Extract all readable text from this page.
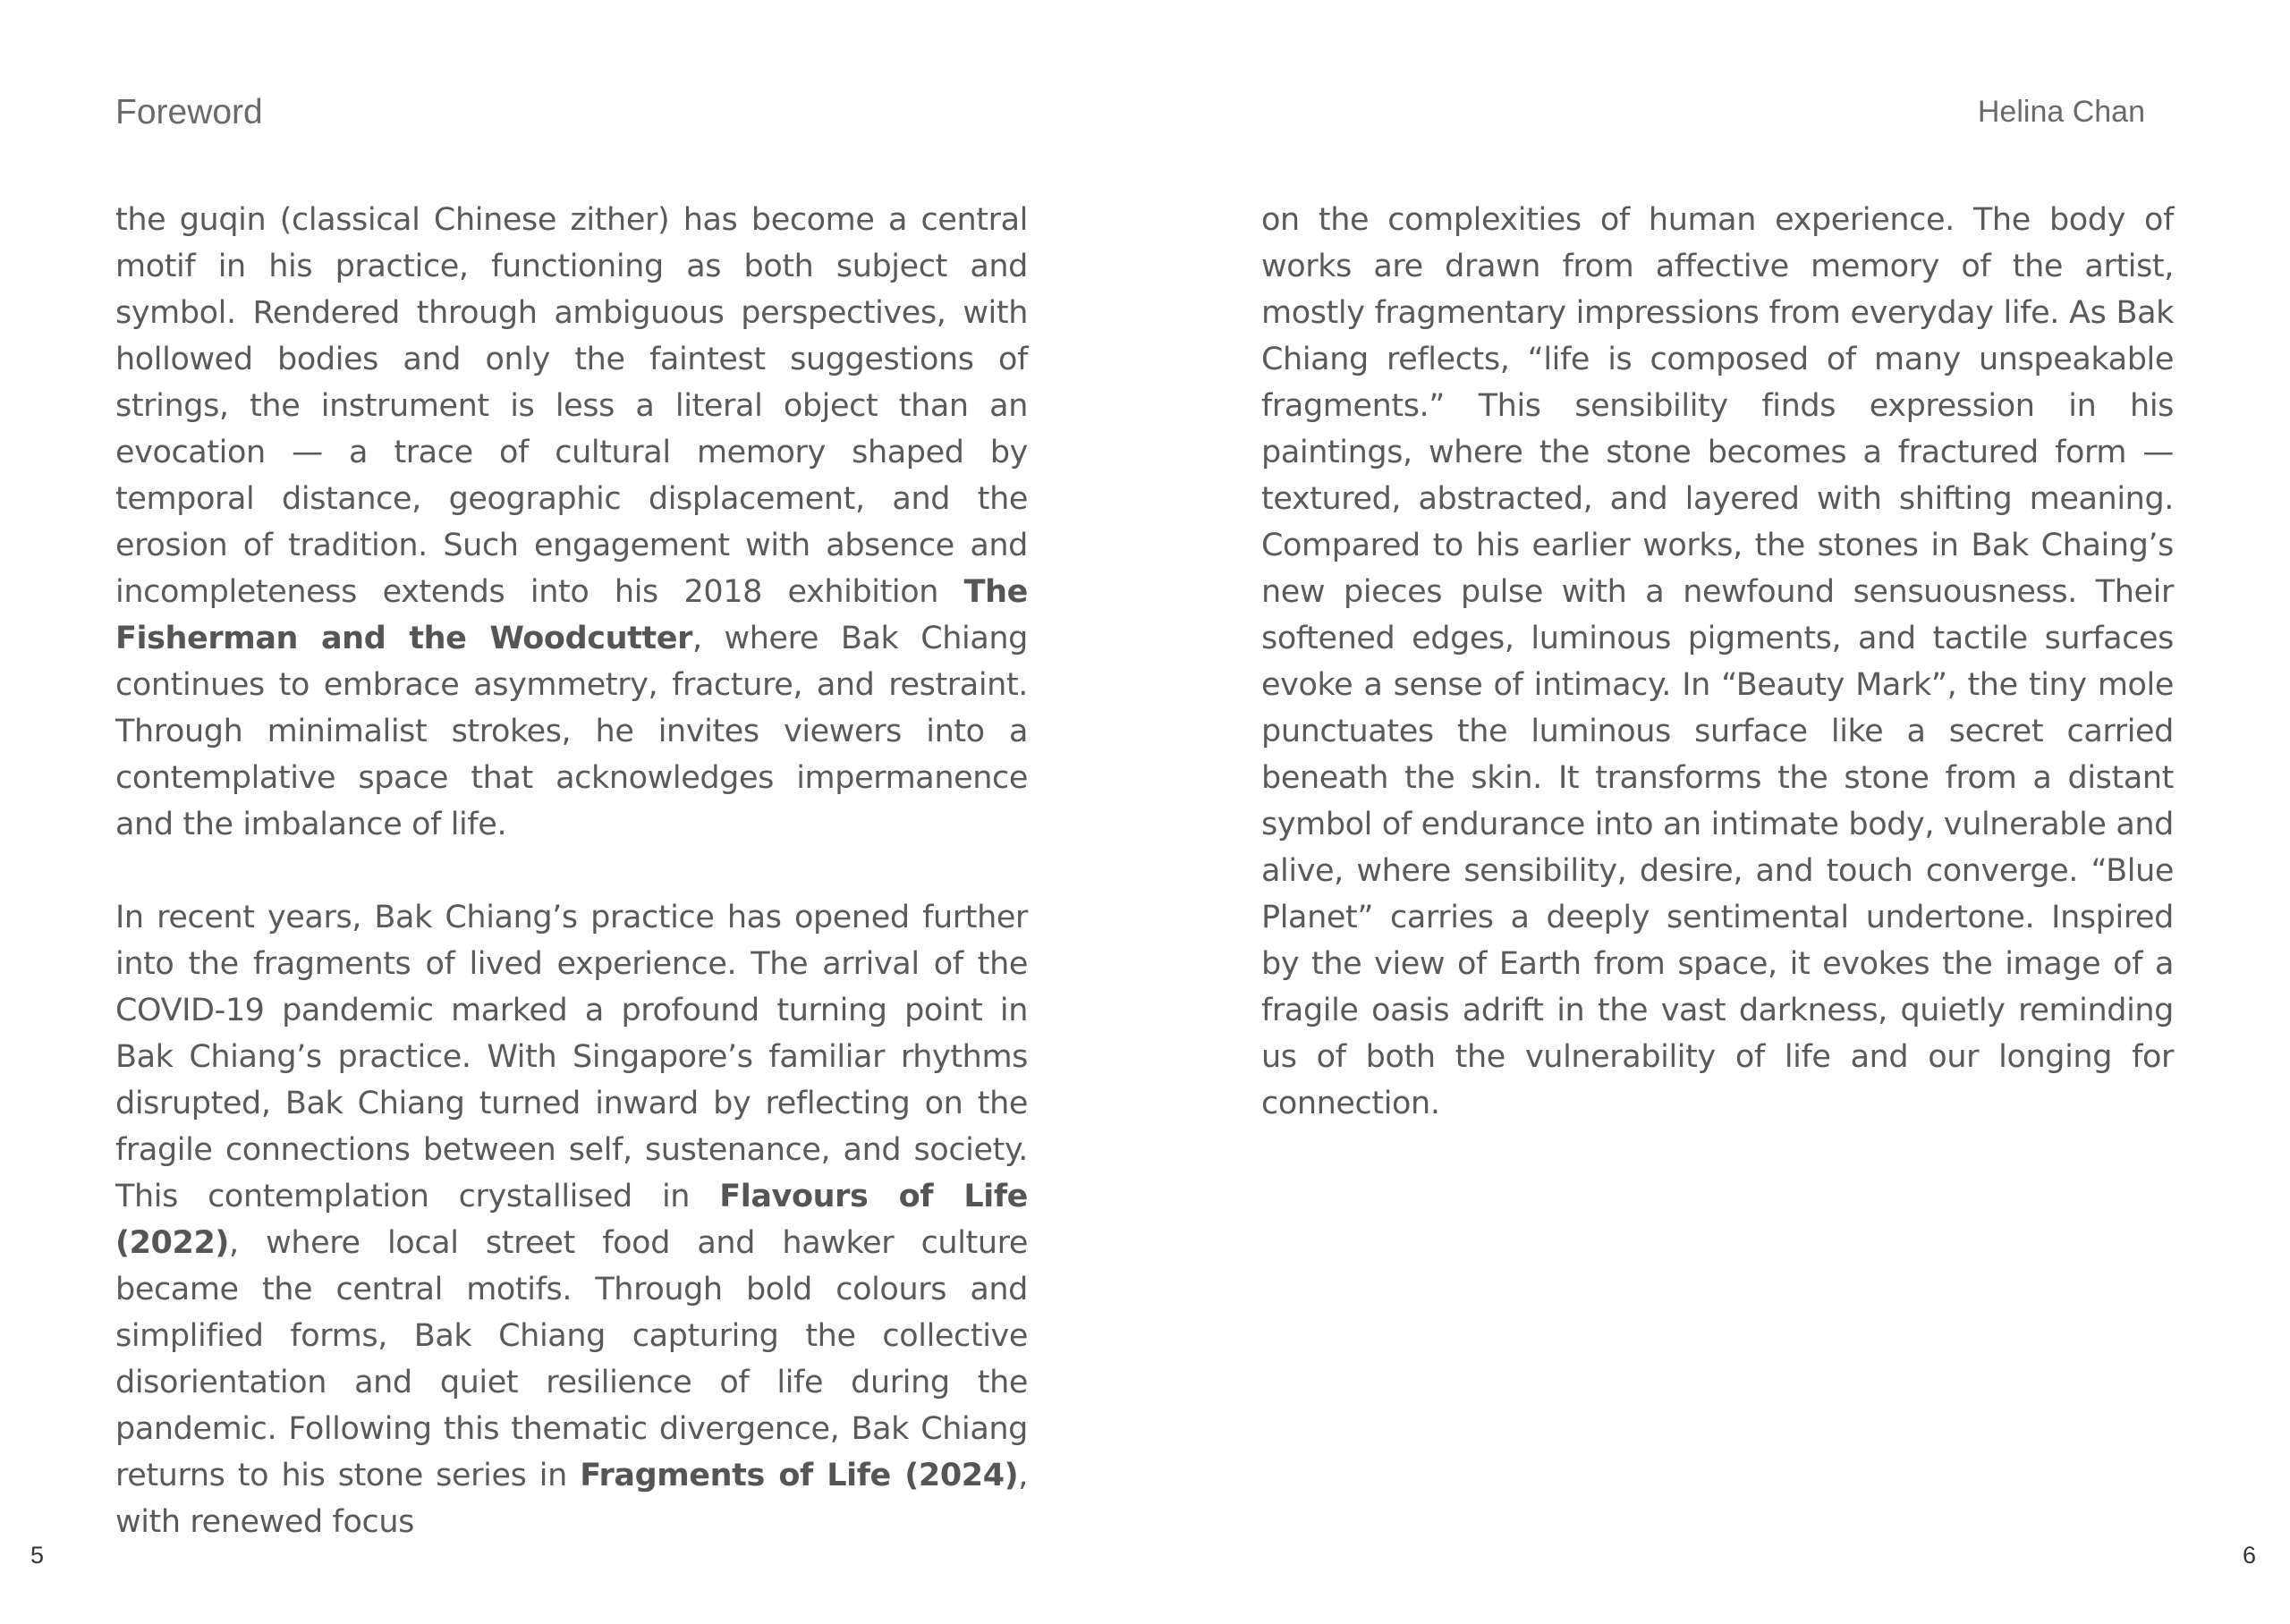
Foreword	Helina Chan

the guqin (classical Chinese zither) has become a central motif in his practice, functioning as both subject and symbol. Rendered through ambiguous perspectives, with hollowed bodies and only the faintest suggestions of strings, the instrument is less a literal object than an evocation — a trace of cultural memory shaped by temporal distance, geographic displacement, and the erosion of tradition. Such engagement with absence and incompleteness extends into his 2018 exhibition The Fisherman and the Woodcutter, where Bak Chiang continues to embrace asymmetry, fracture, and restraint. Through minimalist strokes, he invites viewers into a contemplative space that acknowledges impermanence and the imbalance of life.

In recent years, Bak Chiang’s practice has opened further into the fragments of lived experience. The arrival of the COVID-19 pandemic marked a profound turning point in Bak Chiang’s practice. With Singapore’s familiar rhythms disrupted, Bak Chiang turned inward by reflecting on the fragile connections between self, sustenance, and society. This contemplation crystallised in Flavours of Life (2022), where local street food and hawker culture became the central motifs. Through bold colours and simplified forms, Bak Chiang capturing the collective disorientation and quiet resilience of life during the pandemic. Following this thematic divergence, Bak Chiang returns to his stone series in Fragments of Life (2024), with renewed focus

on the complexities of human experience. The body of works are drawn from affective memory of the artist, mostly fragmentary impressions from everyday life. As Bak Chiang reflects, “life is composed of many unspeakable fragments.” This sensibility finds expression in his paintings, where the stone becomes a fractured form — textured, abstracted, and layered with shifting meaning. Compared to his earlier works, the stones in Bak Chaing’s new pieces pulse with a newfound sensuousness. Their softened edges, luminous pigments, and tactile surfaces evoke a sense of intimacy. In “Beauty Mark”, the tiny mole punctuates the luminous surface like a secret carried beneath the skin. It transforms the stone from a distant symbol of endurance into an intimate body, vulnerable and alive, where sensibility, desire, and touch converge. “Blue Planet” carries a deeply sentimental undertone. Inspired by the view of Earth from space, it evokes the image of a fragile oasis adrift in the vast darkness, quietly reminding us of both the vulnerability of life and our longing for connection.

5	6
